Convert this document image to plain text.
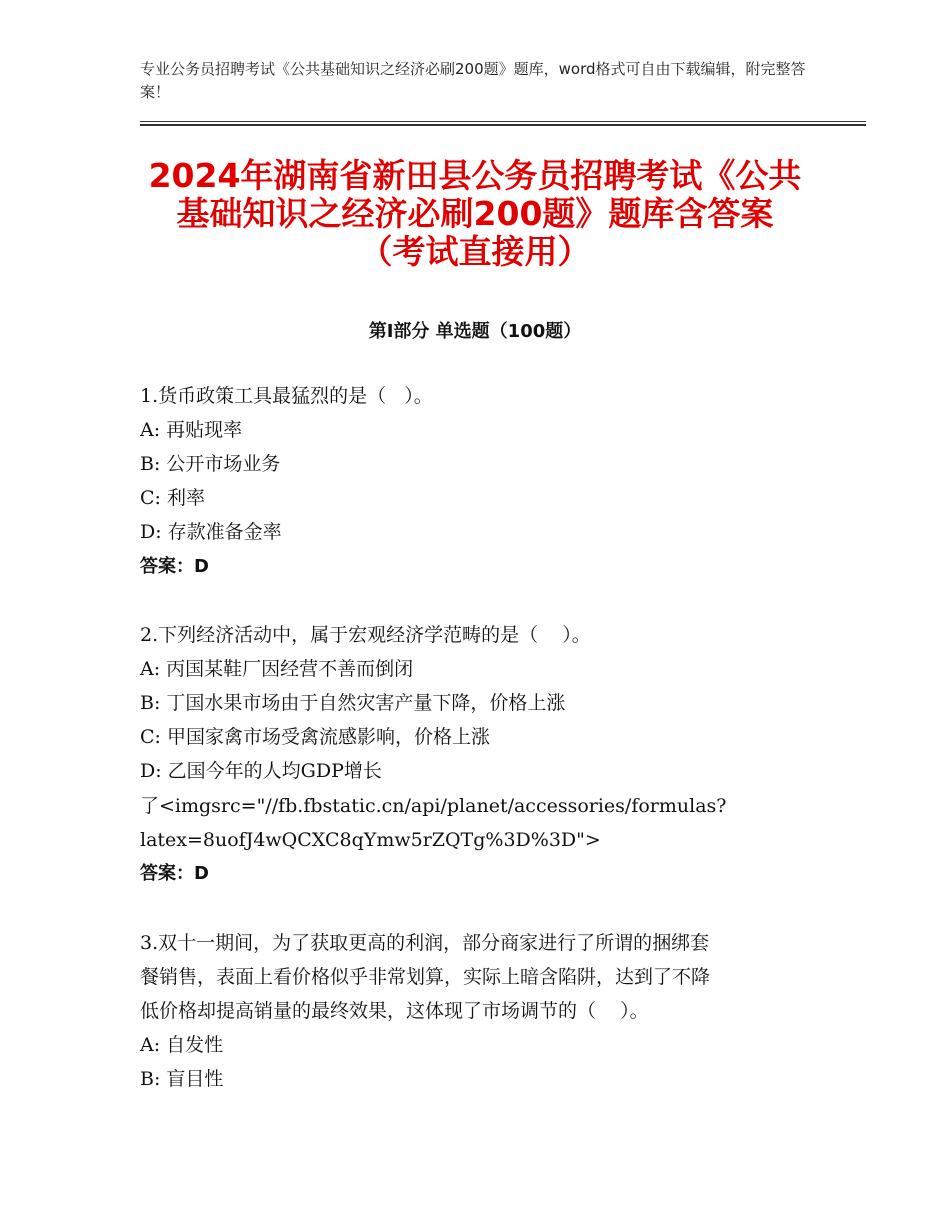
专业公务员招聘考试《公共基础知识之经济必刷200题》题库，word格式可自由下载编辑，附完整答案！
2024年湖南省新田县公务员招聘考试《公共
基础知识之经济必刷200题》题库含答案
（考试直接用）
第Ⅰ部分 单选题（100题）
1.货币政策工具最猛烈的是（   ）。
A: 再贴现率
B: 公开市场业务
C: 利率
D: 存款准备金率
答案：D
2.下列经济活动中，属于宏观经济学范畴的是（    ）。
A: 丙国某鞋厂因经营不善而倒闭
B: 丁国水果市场由于自然灾害产量下降，价格上涨
C: 甲国家禽市场受禽流感影响，价格上涨
D: 乙国今年的人均GDP增长
了<imgsrc="//fb.fbstatic.cn/api/planet/accessories/formulas?
latex=8uofJ4wQCXC8qYmw5rZQTg%3D%3D">
答案：D
3.双十一期间，为了获取更高的利润，部分商家进行了所谓的捆绑套
餐销售，表面上看价格似乎非常划算，实际上暗含陷阱，达到了不降
低价格却提高销量的最终效果，这体现了市场调节的（    ）。
A: 自发性
B: 盲目性
